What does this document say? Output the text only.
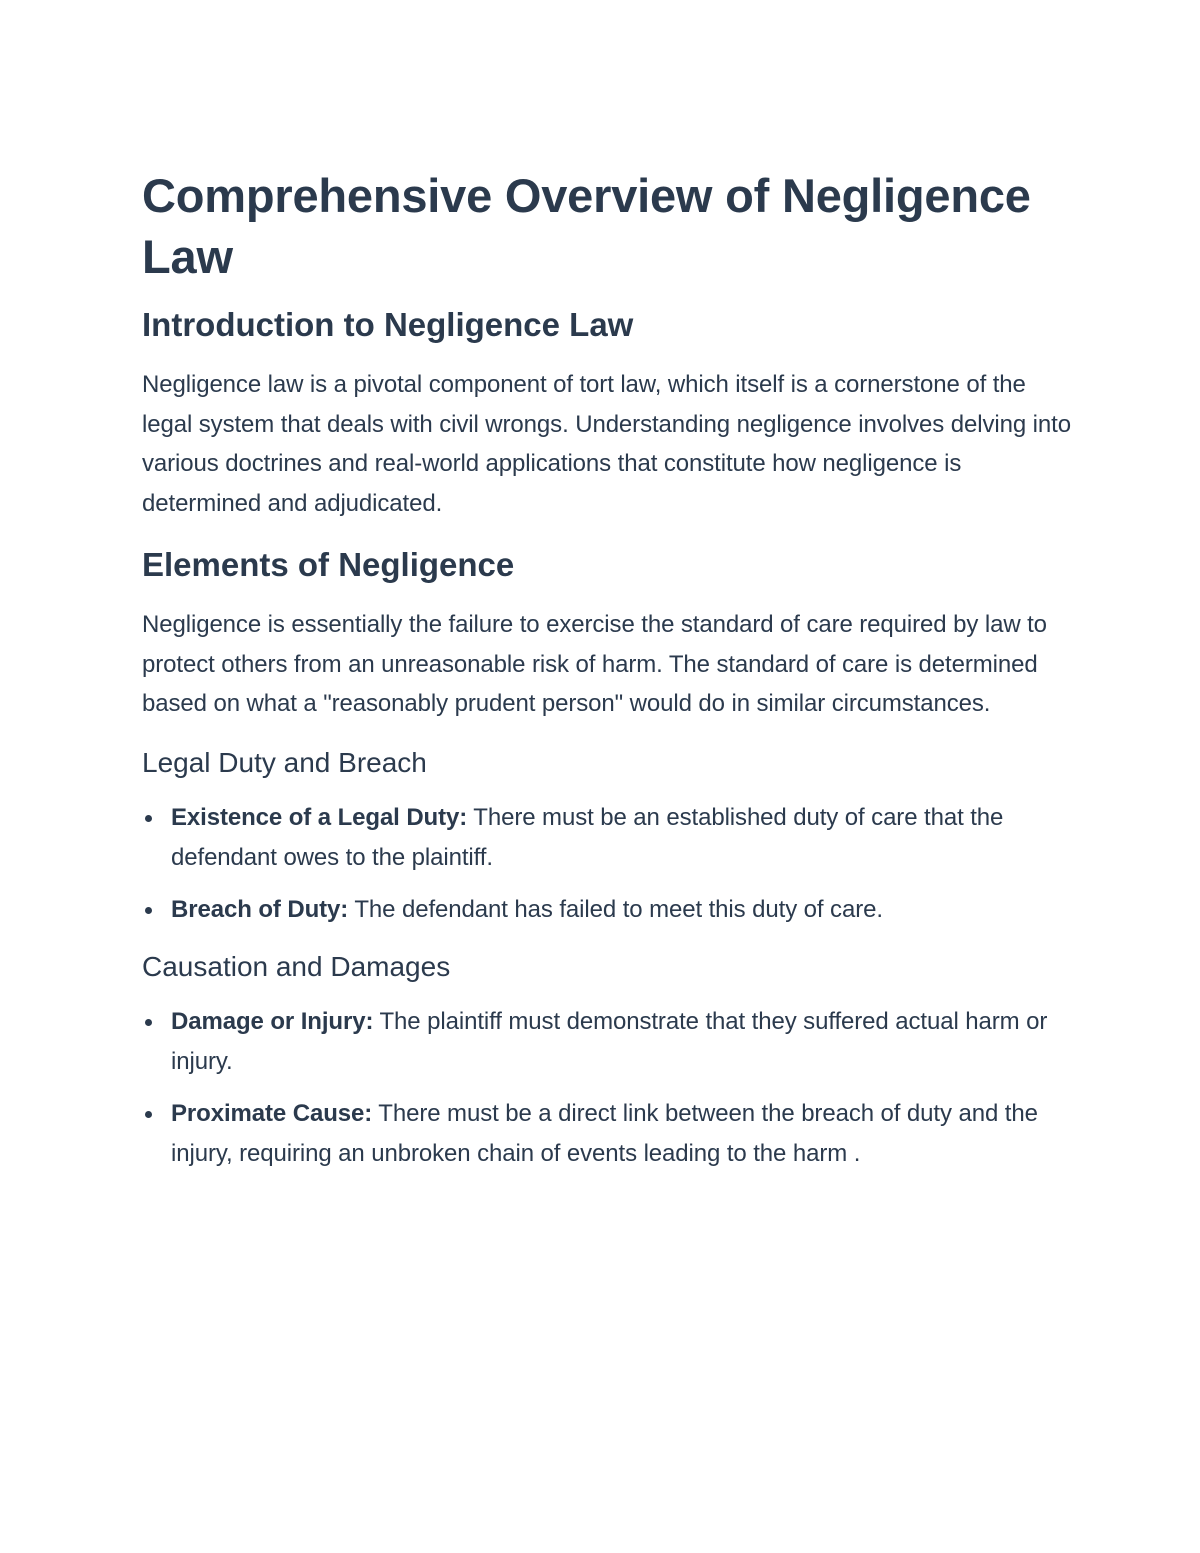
Comprehensive Overview of Negligence Law
Introduction to Negligence Law

Negligence law is a pivotal component of tort law, which itself is a cornerstone of the legal system that deals with civil wrongs. Understanding negligence involves delving into various doctrines and real-world applications that constitute how negligence is determined and adjudicated.

Elements of Negligence

Negligence is essentially the failure to exercise the standard of care required by law to protect others from an unreasonable risk of harm. The standard of care is determined based on what a "reasonably prudent person" would do in similar circumstances.

Legal Duty and Breach
Existence of a Legal Duty: There must be an established duty of care that the defendant owes to the plaintiff.
Breach of Duty: The defendant has failed to meet this duty of care.
Causation and Damages
Damage or Injury: The plaintiff must demonstrate that they suffered actual harm or injury.
Proximate Cause: There must be a direct link between the breach of duty and the injury, requiring an unbroken chain of events leading to the harm .
